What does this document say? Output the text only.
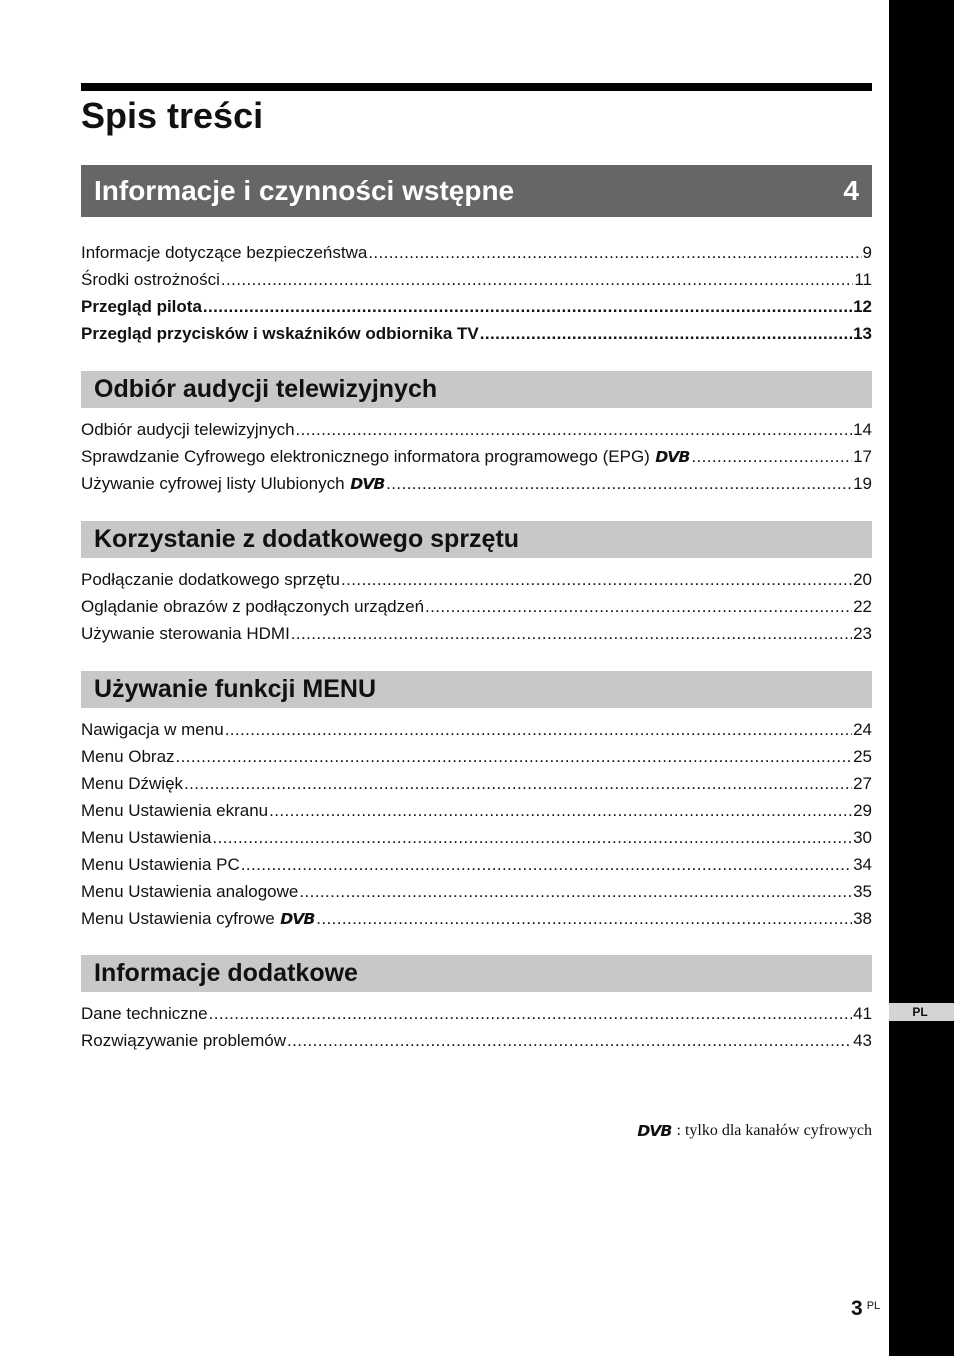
PL
Spis treści
Informacje i czynności wstępne	4
Informacje dotyczące bezpieczeństwa .....	9
Środki ostrożności .....	11
Przegląd pilota .....	12
Przegląd przycisków i wskaźników odbiornika TV .....	13
Odbiór audycji telewizyjnych
Odbiór audycji telewizyjnych .....	14
Sprawdzanie Cyfrowego elektronicznego informatora programowego (EPG) DVB .....	17
Używanie cyfrowej listy Ulubionych DVB .....	19
Korzystanie z dodatkowego sprzętu
Podłączanie dodatkowego sprzętu .....	20
Oglądanie obrazów z podłączonych urządzeń .....	22
Używanie sterowania HDMI .....	23
Używanie funkcji MENU
Nawigacja w menu .....	24
Menu Obraz .....	25
Menu Dźwięk .....	27
Menu Ustawienia ekranu .....	29
Menu Ustawienia .....	30
Menu Ustawienia PC .....	34
Menu Ustawienia analogowe .....	35
Menu Ustawienia cyfrowe DVB .....	38
Informacje dodatkowe
Dane techniczne .....	41
Rozwiązywanie problemów .....	43
DVB : tylko dla kanałów cyfrowych
3 PL
